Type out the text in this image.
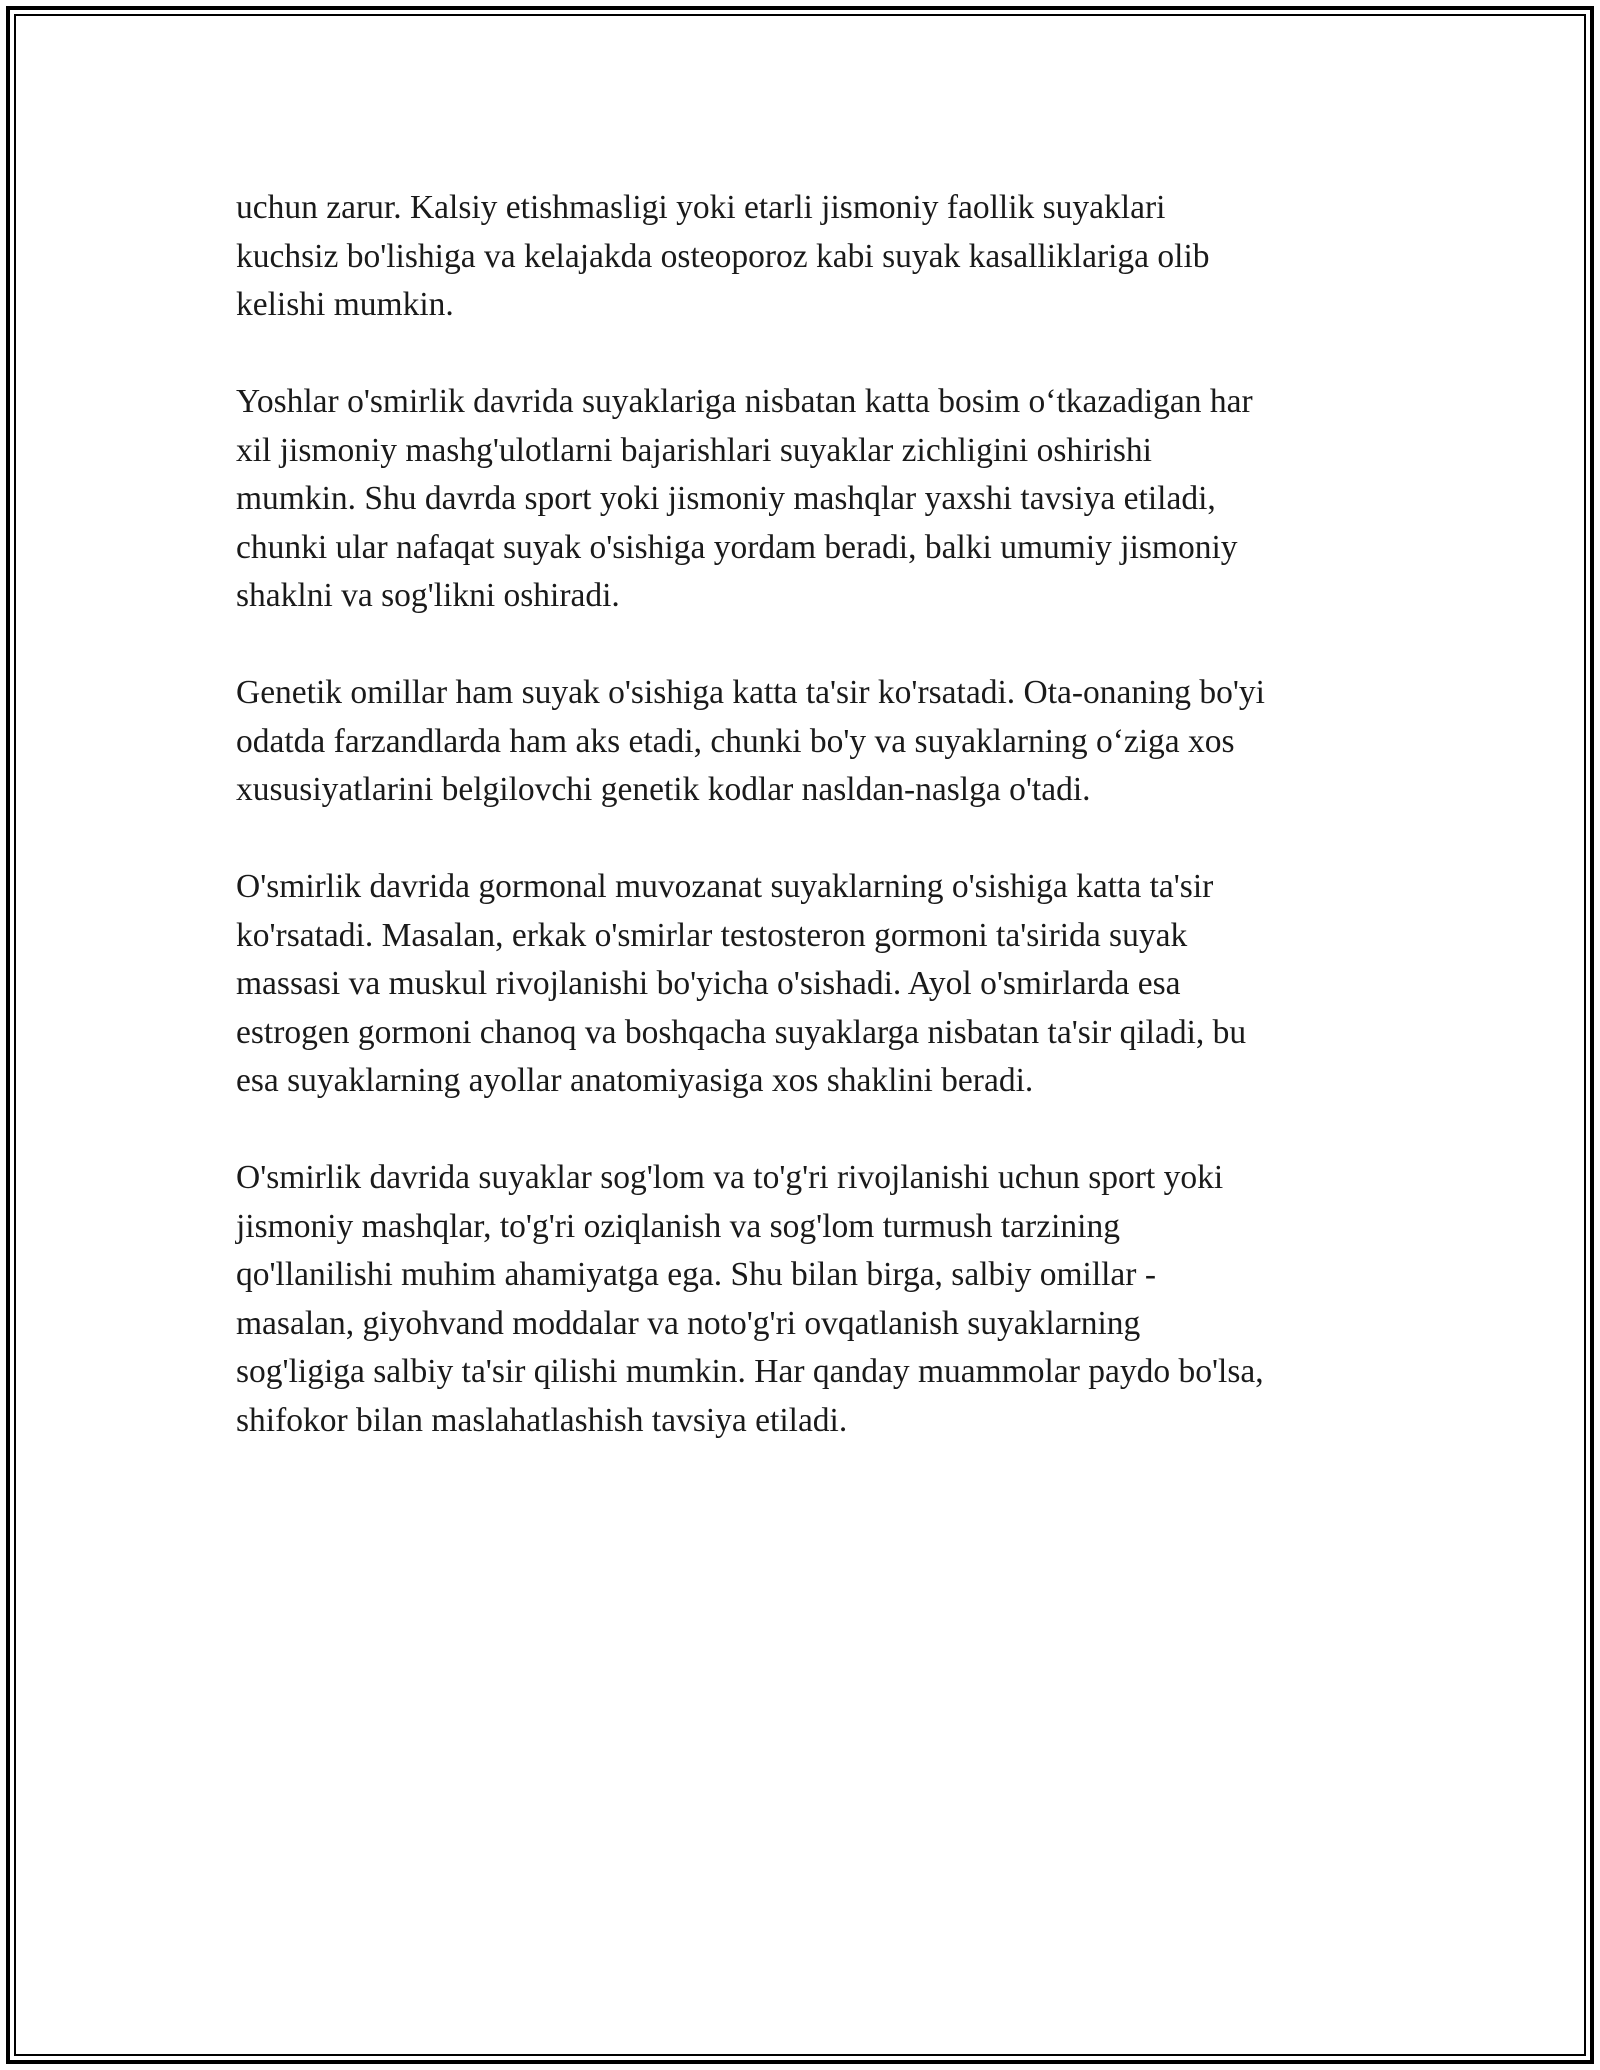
uchun zarur. Kalsiy etishmasligi yoki etarli jismoniy faollik suyaklari
kuchsiz bo'lishiga va kelajakda osteoporoz kabi suyak kasalliklariga olib
kelishi mumkin.

Yoshlar o'smirlik davrida suyaklariga nisbatan katta bosim o‘tkazadigan har
xil jismoniy mashg'ulotlarni bajarishlari suyaklar zichligini oshirishi
mumkin. Shu davrda sport yoki jismoniy mashqlar yaxshi tavsiya etiladi,
chunki ular nafaqat suyak o'sishiga yordam beradi, balki umumiy jismoniy
shaklni va sog'likni oshiradi.

Genetik omillar ham suyak o'sishiga katta ta'sir ko'rsatadi. Ota-onaning bo'yi
odatda farzandlarda ham aks etadi, chunki bo'y va suyaklarning o‘ziga xos
xususiyatlarini belgilovchi genetik kodlar nasldan-naslga o'tadi.

O'smirlik davrida gormonal muvozanat suyaklarning o'sishiga katta ta'sir
ko'rsatadi. Masalan, erkak o'smirlar testosteron gormoni ta'sirida suyak
massasi va muskul rivojlanishi bo'yicha o'sishadi. Ayol o'smirlarda esa
estrogen gormoni chanoq va boshqacha suyaklarga nisbatan ta'sir qiladi, bu
esa suyaklarning ayollar anatomiyasiga xos shaklini beradi.

O'smirlik davrida suyaklar sog'lom va to'g'ri rivojlanishi uchun sport yoki
jismoniy mashqlar, to'g'ri oziqlanish va sog'lom turmush tarzining
qo'llanilishi muhim ahamiyatga ega. Shu bilan birga, salbiy omillar -
masalan, giyohvand moddalar va noto'g'ri ovqatlanish suyaklarning
sog'ligiga salbiy ta'sir qilishi mumkin. Har qanday muammolar paydo bo'lsa,
shifokor bilan maslahatlashish tavsiya etiladi.
